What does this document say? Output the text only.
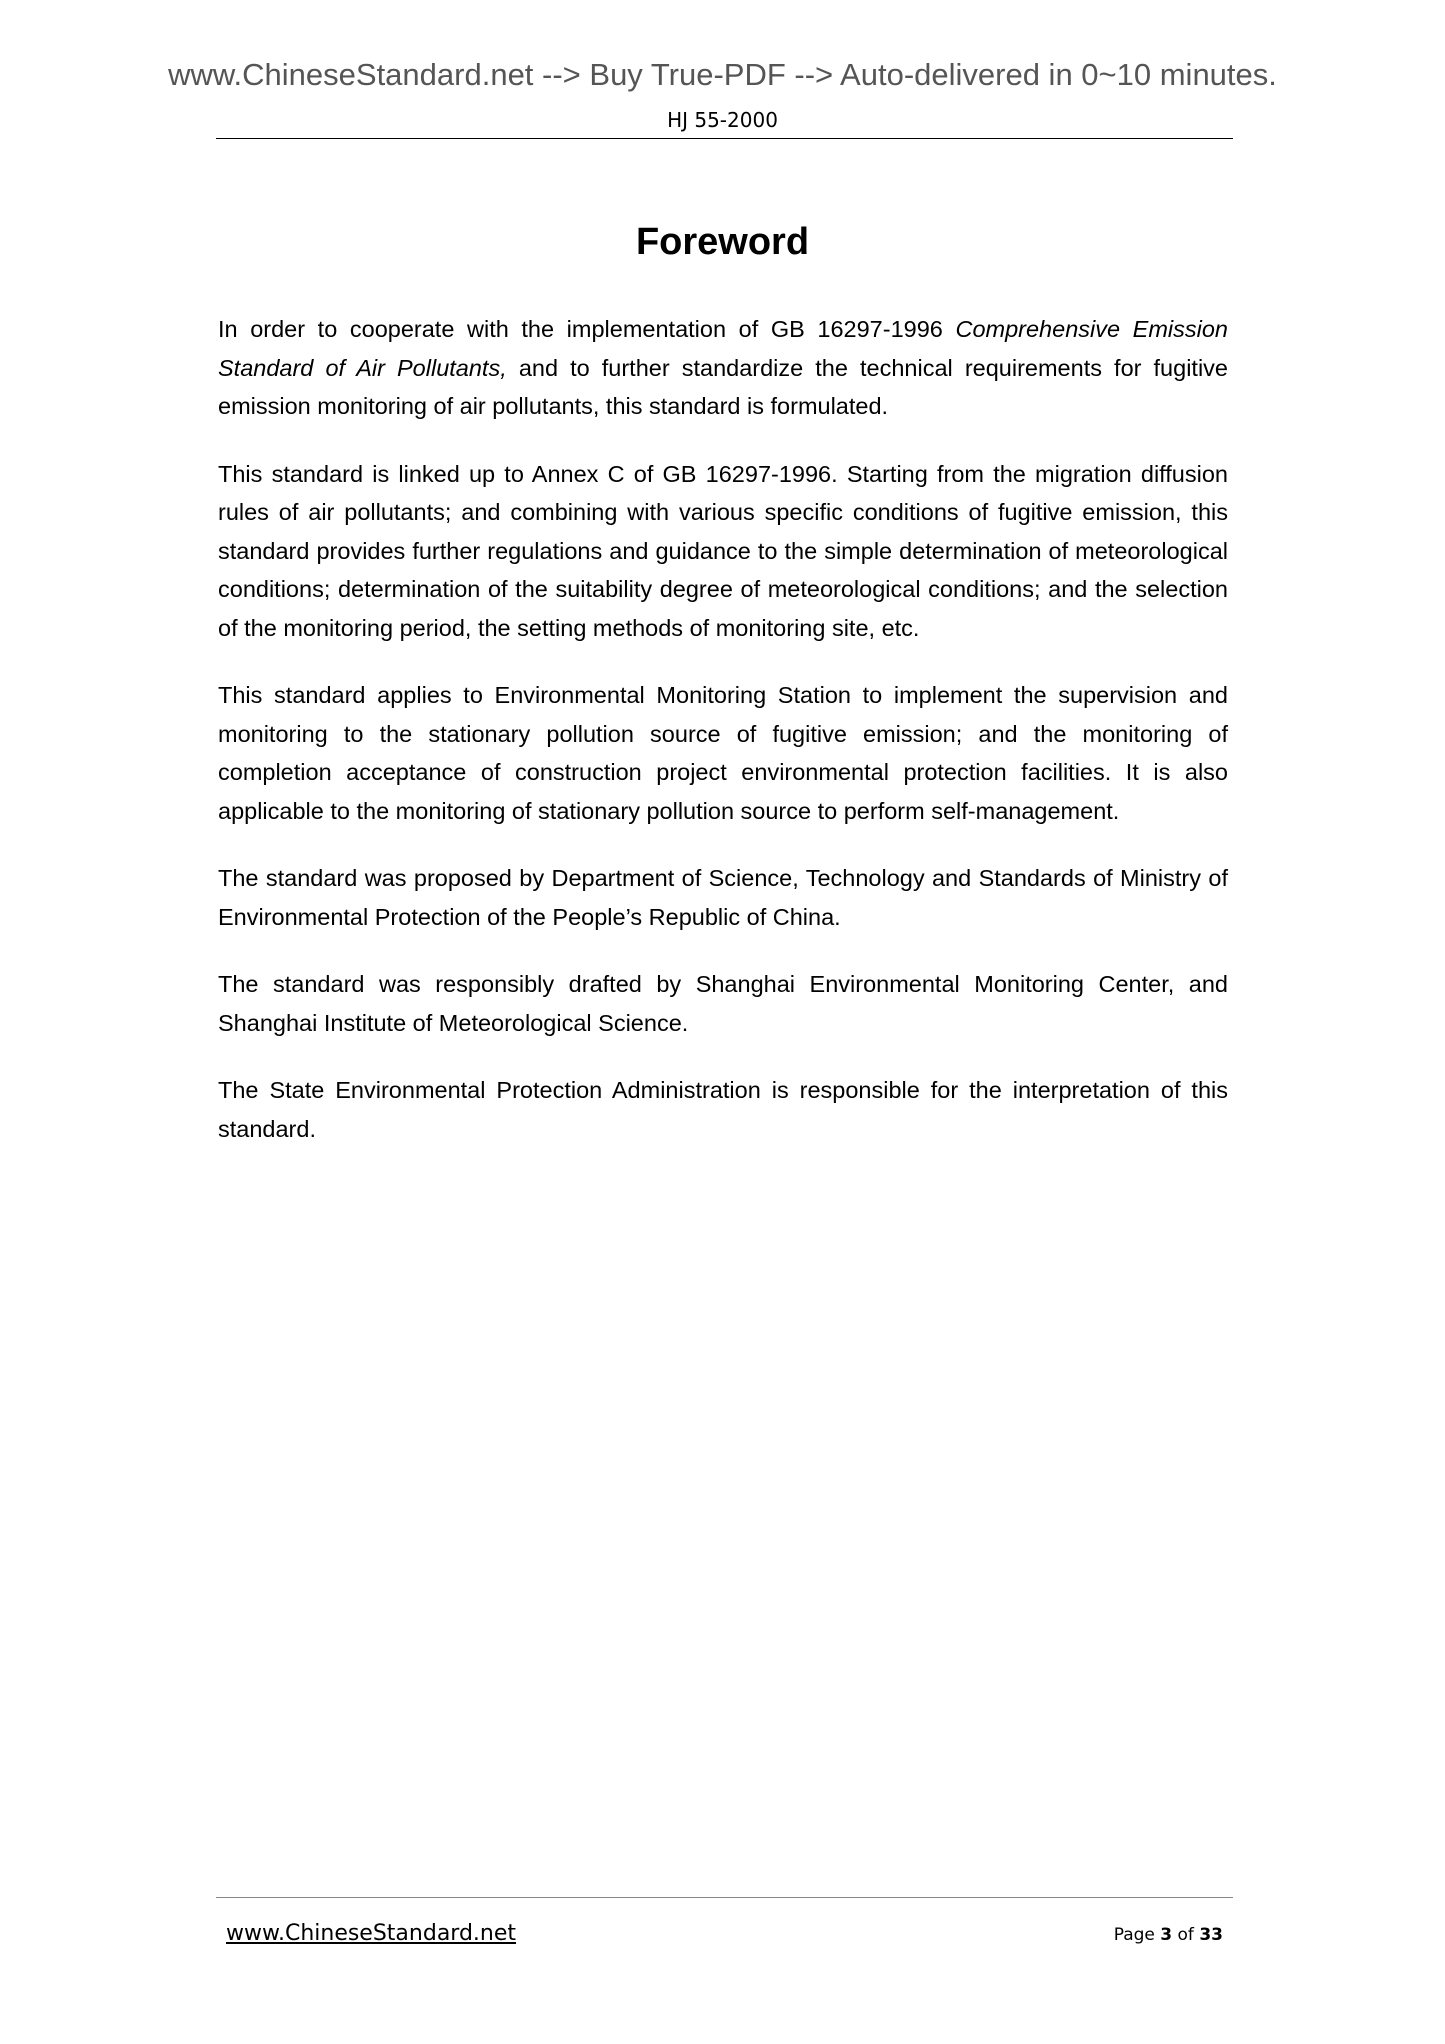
www.ChineseStandard.net --> Buy True-PDF --> Auto-delivered in 0~10 minutes.
HJ 55-2000
Foreword

In order to cooperate with the implementation of GB 16297-1996 Comprehensive Emission Standard of Air Pollutants, and to further standardize the technical requirements for fugitive emission monitoring of air pollutants, this standard is formulated.

This standard is linked up to Annex C of GB 16297-1996. Starting from the migration diffusion rules of air pollutants; and combining with various specific conditions of fugitive emission, this standard provides further regulations and guidance to the simple determination of meteorological conditions; determination of the suitability degree of meteorological conditions; and the selection of the monitoring period, the setting methods of monitoring site, etc.

This standard applies to Environmental Monitoring Station to implement the supervision and monitoring to the stationary pollution source of fugitive emission; and the monitoring of completion acceptance of construction project environmental protection facilities. It is also applicable to the monitoring of stationary pollution source to perform self-management.

The standard was proposed by Department of Science, Technology and Standards of Ministry of Environmental Protection of the People’s Republic of China.

The standard was responsibly drafted by Shanghai Environmental Monitoring Center, and Shanghai Institute of Meteorological Science.

The State Environmental Protection Administration is responsible for the interpretation of this standard.

www.ChineseStandard.net	Page 3 of 33
